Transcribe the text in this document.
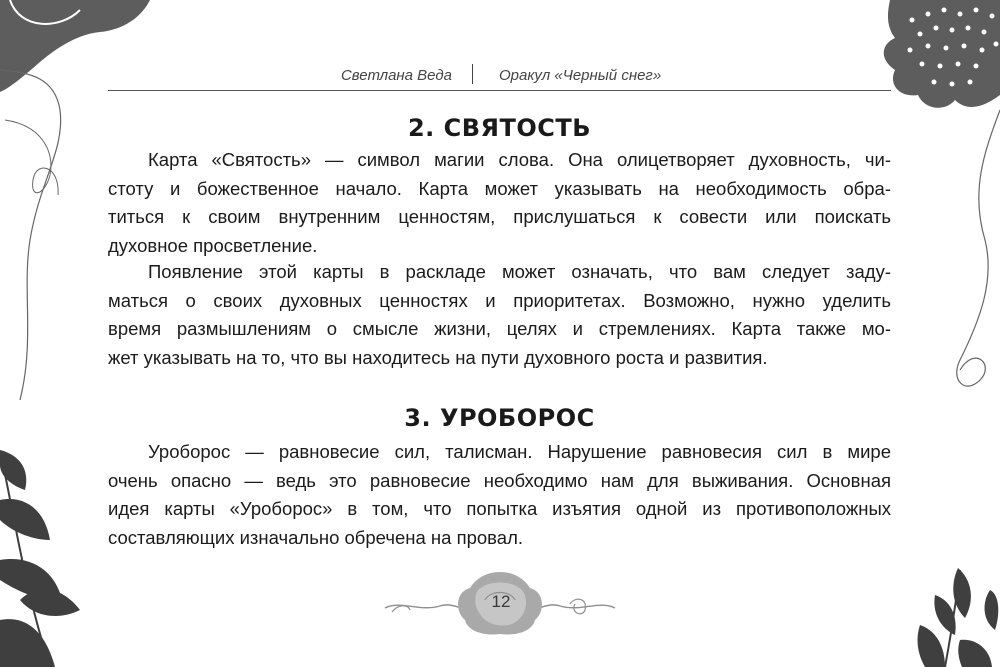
Светлана Веда	Оракул «Черный снег»
2. СВЯТОСТЬ
Карта «Святость» — символ магии слова. Она олицетворяет духовность, чи-
стоту и божественное начало. Карта может указывать на необходимость обра-
титься к своим внутренним ценностям, прислушаться к совести или поискать
духовное просветление.
Появление этой карты в раскладе может означать, что вам следует заду-
маться о своих духовных ценностях и приоритетах. Возможно, нужно уделить
время размышлениям о смысле жизни, целях и стремлениях. Карта также мо-
жет указывать на то, что вы находитесь на пути духовного роста и развития.
3. УРОБОРОС
Уроборос — равновесие сил, талисман. Нарушение равновесия сил в мире
очень опасно — ведь это равновесие необходимо нам для выживания. Основная
идея карты «Уроборос» в том, что попытка изъятия одной из противоположных
составляющих изначально обречена на провал.
12
